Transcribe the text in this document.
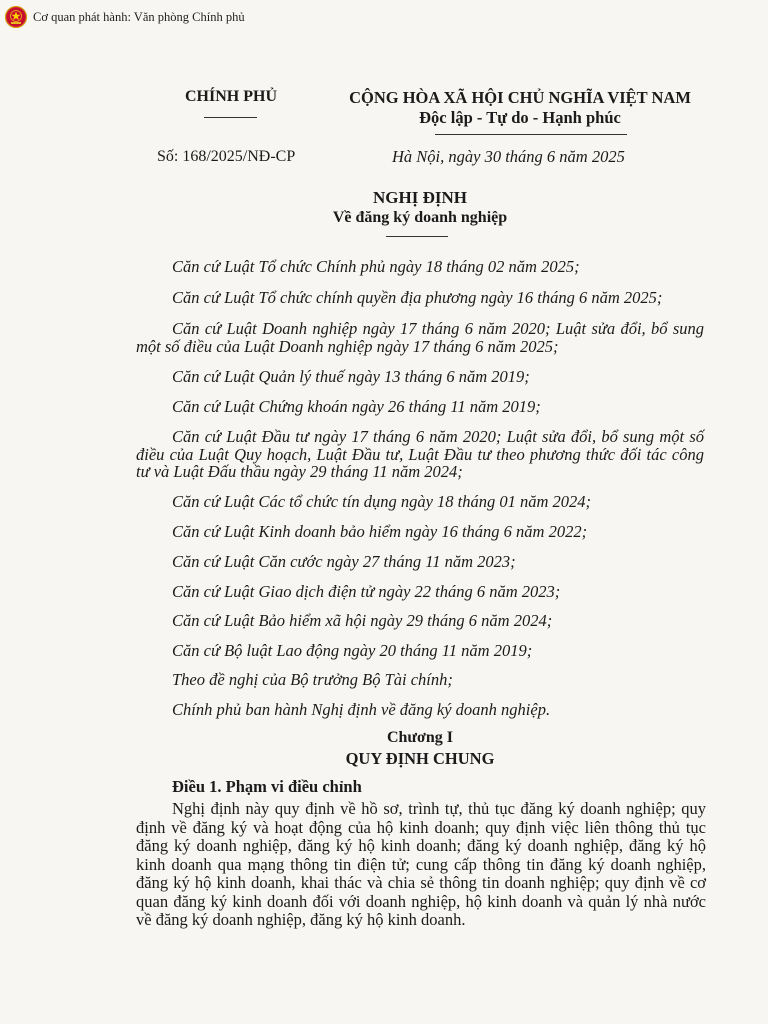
Cơ quan phát hành: Văn phòng Chính phủ
CHÍNH PHỦ	CỘNG HÒA XÃ HỘI CHỦ NGHĨA VIỆT NAM
Độc lập - Tự do - Hạnh phúc
Số: 168/2025/NĐ-CP	Hà Nội, ngày 30 tháng 6 năm 2025
NGHỊ ĐỊNH
Về đăng ký doanh nghiệp
Căn cứ Luật Tổ chức Chính phủ ngày 18 tháng 02 năm 2025;
Căn cứ Luật Tổ chức chính quyền địa phương ngày 16 tháng 6 năm 2025;
Căn cứ Luật Doanh nghiệp ngày 17 tháng 6 năm 2020; Luật sửa đổi, bổ sung một số điều của Luật Doanh nghiệp ngày 17 tháng 6 năm 2025;
Căn cứ Luật Quản lý thuế ngày 13 tháng 6 năm 2019;
Căn cứ Luật Chứng khoán ngày 26 tháng 11 năm 2019;
Căn cứ Luật Đầu tư ngày 17 tháng 6 năm 2020; Luật sửa đổi, bổ sung một số điều của Luật Quy hoạch, Luật Đầu tư, Luật Đầu tư theo phương thức đối tác công tư và Luật Đấu thầu ngày 29 tháng 11 năm 2024;
Căn cứ Luật Các tổ chức tín dụng ngày 18 tháng 01 năm 2024;
Căn cứ Luật Kinh doanh bảo hiểm ngày 16 tháng 6 năm 2022;
Căn cứ Luật Căn cước ngày 27 tháng 11 năm 2023;
Căn cứ Luật Giao dịch điện tử ngày 22 tháng 6 năm 2023;
Căn cứ Luật Bảo hiểm xã hội ngày 29 tháng 6 năm 2024;
Căn cứ Bộ luật Lao động ngày 20 tháng 11 năm 2019;
Theo đề nghị của Bộ trưởng Bộ Tài chính;
Chính phủ ban hành Nghị định về đăng ký doanh nghiệp.
Chương I
QUY ĐỊNH CHUNG
Điều 1. Phạm vi điều chỉnh
Nghị định này quy định về hồ sơ, trình tự, thủ tục đăng ký doanh nghiệp; quy định về đăng ký và hoạt động của hộ kinh doanh; quy định việc liên thông thủ tục đăng ký doanh nghiệp, đăng ký hộ kinh doanh; đăng ký doanh nghiệp, đăng ký hộ kinh doanh qua mạng thông tin điện tử; cung cấp thông tin đăng ký doanh nghiệp, đăng ký hộ kinh doanh, khai thác và chia sẻ thông tin doanh nghiệp; quy định về cơ quan đăng ký kinh doanh đối với doanh nghiệp, hộ kinh doanh và quản lý nhà nước về đăng ký doanh nghiệp, đăng ký hộ kinh doanh.
